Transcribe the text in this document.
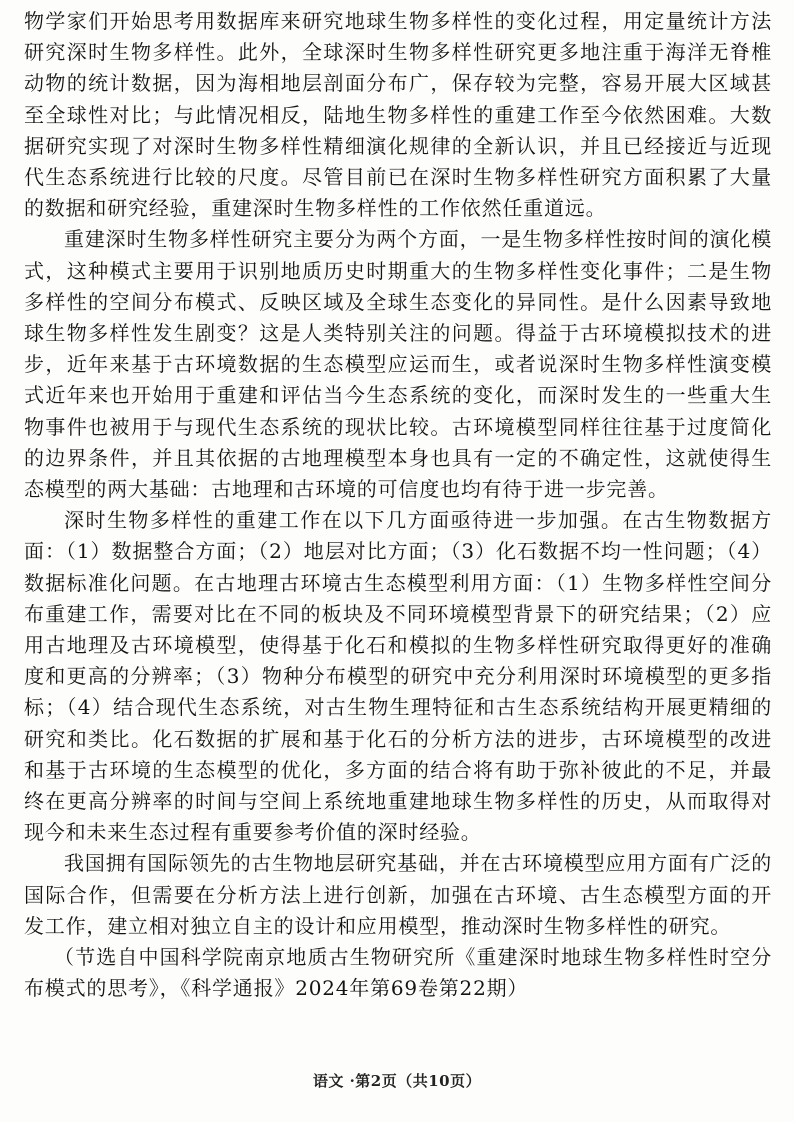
物学家们开始思考用数据库来研究地球生物多样性的变化过程，用定量统计方法研究深时生物多样性。此外，全球深时生物多样性研究更多地注重于海洋无脊椎动物的统计数据，因为海相地层剖面分布广，保存较为完整，容易开展大区域甚至全球性对比；与此情况相反，陆地生物多样性的重建工作至今依然困难。大数据研究实现了对深时生物多样性精细演化规律的全新认识，并且已经接近与近现代生态系统进行比较的尺度。尽管目前已在深时生物多样性研究方面积累了大量的数据和研究经验，重建深时生物多样性的工作依然任重道远。

重建深时生物多样性研究主要分为两个方面，一是生物多样性按时间的演化模式，这种模式主要用于识别地质历史时期重大的生物多样性变化事件；二是生物多样性的空间分布模式、反映区域及全球生态变化的异同性。是什么因素导致地球生物多样性发生剧变？这是人类特别关注的问题。得益于古环境模拟技术的进步，近年来基于古环境数据的生态模型应运而生，或者说深时生物多样性演变模式近年来也开始用于重建和评估当今生态系统的变化，而深时发生的一些重大生物事件也被用于与现代生态系统的现状比较。古环境模型同样往往基于过度简化的边界条件，并且其依据的古地理模型本身也具有一定的不确定性，这就使得生态模型的两大基础：古地理和古环境的可信度也均有待于进一步完善。

深时生物多样性的重建工作在以下几方面亟待进一步加强。在古生物数据方面：（1）数据整合方面；（2）地层对比方面；（3）化石数据不均一性问题；（4）数据标准化问题。在古地理古环境古生态模型利用方面：（1）生物多样性空间分布重建工作，需要对比在不同的板块及不同环境模型背景下的研究结果；（2）应用古地理及古环境模型，使得基于化石和模拟的生物多样性研究取得更好的准确度和更高的分辨率；（3）物种分布模型的研究中充分利用深时环境模型的更多指标；（4）结合现代生态系统，对古生物生理特征和古生态系统结构开展更精细的研究和类比。化石数据的扩展和基于化石的分析方法的进步，古环境模型的改进和基于古环境的生态模型的优化，多方面的结合将有助于弥补彼此的不足，并最终在更高分辨率的时间与空间上系统地重建地球生物多样性的历史，从而取得对现今和未来生态过程有重要参考价值的深时经验。

我国拥有国际领先的古生物地层研究基础，并在古环境模型应用方面有广泛的国际合作，但需要在分析方法上进行创新，加强在古环境、古生态模型方面的开发工作，建立相对独立自主的设计和应用模型，推动深时生物多样性的研究。

（节选自中国科学院南京地质古生物研究所《重建深时地球生物多样性时空分布模式的思考》，《科学通报》2024年第69卷第22期）

语文 ·第2页（共10页）
